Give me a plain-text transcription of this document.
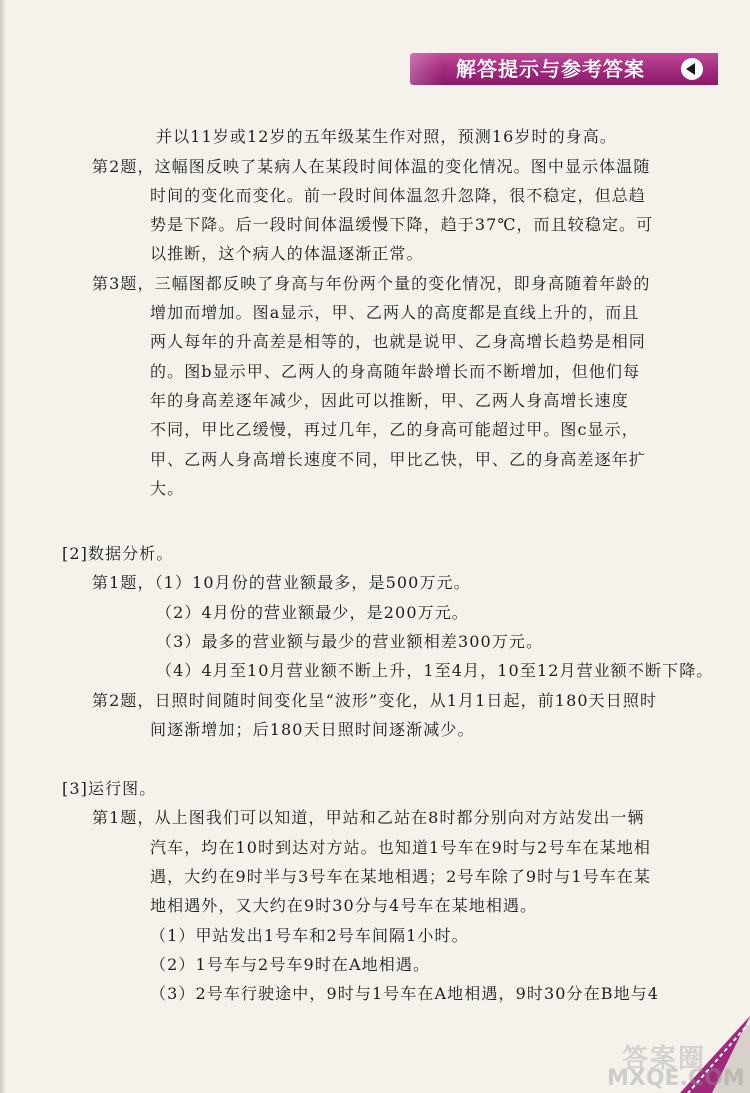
解答提示与参考答案
并以11岁或12岁的五年级某生作对照，预测16岁时的身高。
第2题，这幅图反映了某病人在某段时间体温的变化情况。图中显示体温随
时间的变化而变化。前一段时间体温忽升忽降，很不稳定，但总趋
势是下降。后一段时间体温缓慢下降，趋于37℃，而且较稳定。可
以推断，这个病人的体温逐渐正常。
第3题，三幅图都反映了身高与年份两个量的变化情况，即身高随着年龄的
增加而增加。图a显示，甲、乙两人的高度都是直线上升的，而且
两人每年的升高差是相等的，也就是说甲、乙身高增长趋势是相同
的。图b显示甲、乙两人的身高随年龄增长而不断增加，但他们每
年的身高差逐年减少，因此可以推断，甲、乙两人身高增长速度
不同，甲比乙缓慢，再过几年，乙的身高可能超过甲。图c显示，
甲、乙两人身高增长速度不同，甲比乙快，甲、乙的身高差逐年扩
大。
[2]数据分析。
第1题，（1）10月份的营业额最多，是500万元。
（2）4月份的营业额最少，是200万元。
（3）最多的营业额与最少的营业额相差300万元。
（4）4月至10月营业额不断上升，1至4月，10至12月营业额不断下降。
第2题，日照时间随时间变化呈“波形”变化，从1月1日起，前180天日照时
间逐渐增加；后180天日照时间逐渐减少。
[3]运行图。
第1题，从上图我们可以知道，甲站和乙站在8时都分别向对方站发出一辆
汽车，均在10时到达对方站。也知道1号车在9时与2号车在某地相
遇，大约在9时半与3号车在某地相遇；2号车除了9时与1号车在某
地相遇外，又大约在9时30分与4号车在某地相遇。
（1）甲站发出1号车和2号车间隔1小时。
（2）1号车与2号车9时在A地相遇。
（3）2号车行驶途中，9时与1号车在A地相遇，9时30分在B地与4
答案圈
MXQE.COM
